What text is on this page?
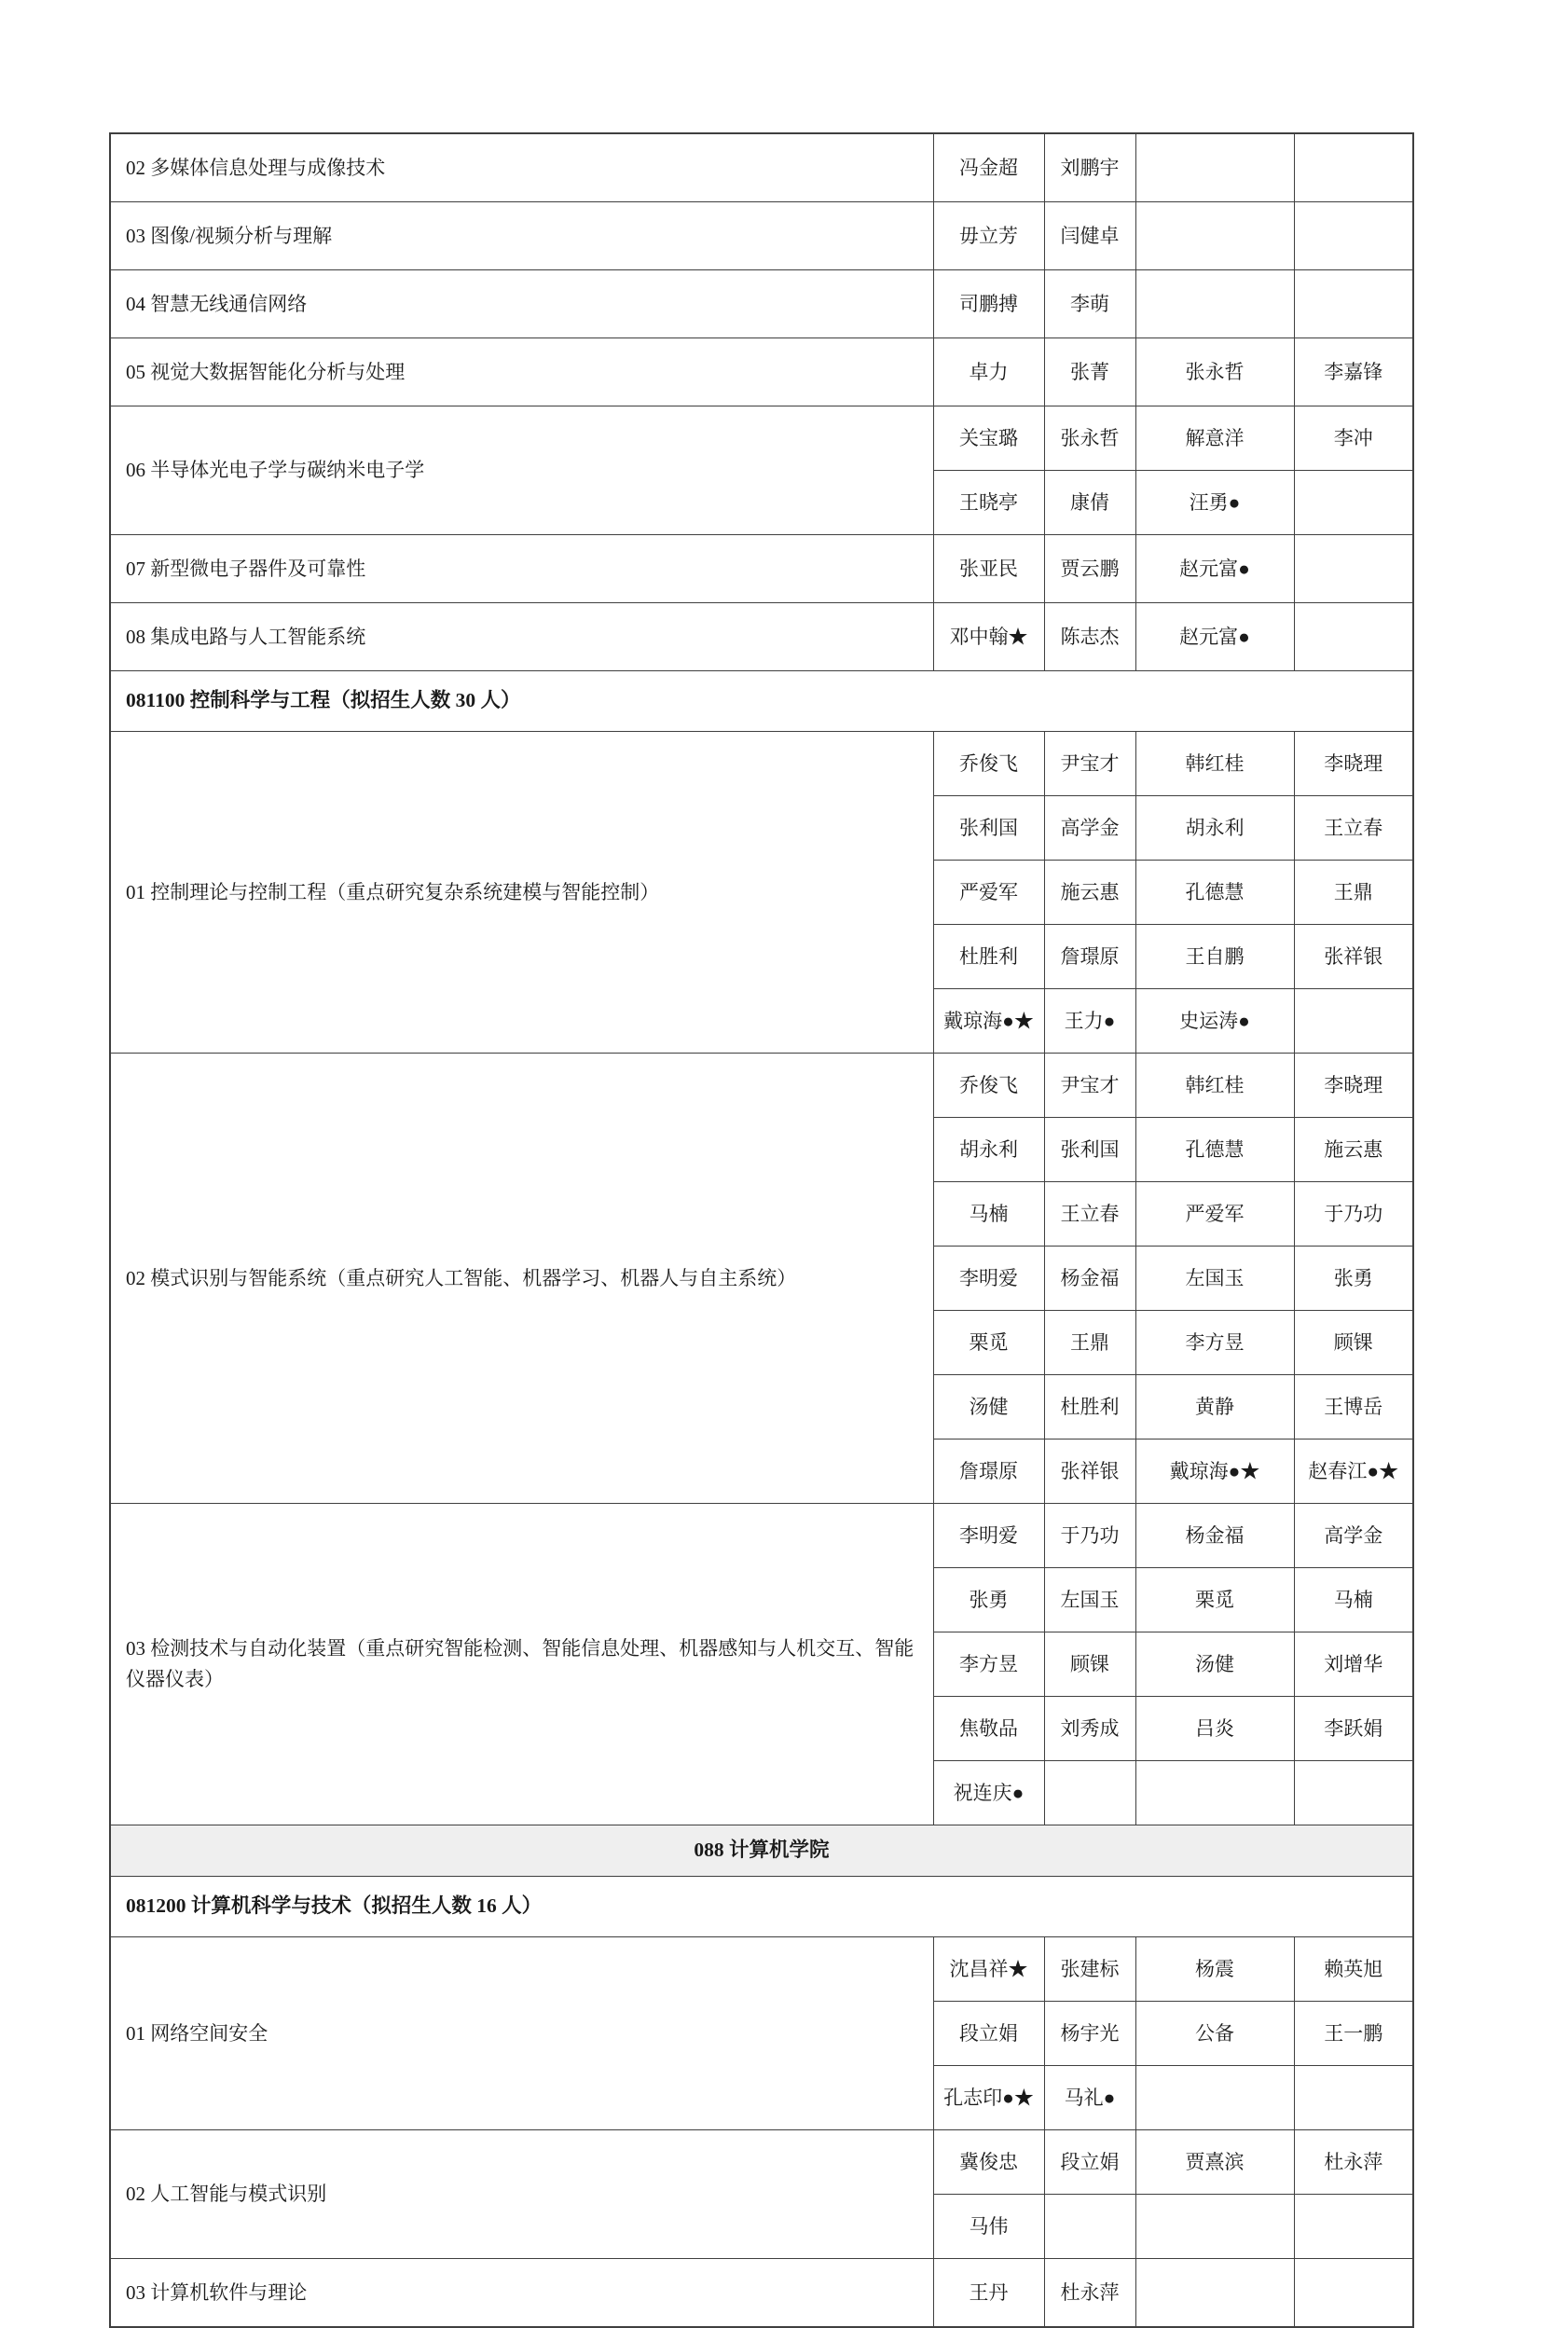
02 多媒体信息处理与成像技术	冯金超	刘鹏宇		
03 图像/视频分析与理解	毋立芳	闫健卓		
04 智慧无线通信网络	司鹏搏	李萌		
05 视觉大数据智能化分析与处理	卓力	张菁	张永哲	李嘉锋
06 半导体光电子学与碳纳米电子学	关宝璐	张永哲	解意洋	李冲
	王晓亭	康倩	汪勇●	
07 新型微电子器件及可靠性	张亚民	贾云鹏	赵元富●	
08 集成电路与人工智能系统	邓中翰★	陈志杰	赵元富●	
081100 控制科学与工程（拟招生人数 30 人）				
01 控制理论与控制工程（重点研究复杂系统建模与智能控制）	乔俊飞	尹宝才	韩红桂	李晓理
	张利国	高学金	胡永利	王立春
	严爱军	施云惠	孔德慧	王鼎
	杜胜利	詹璟原	王自鹏	张祥银
	戴琼海●★	王力●	史运涛●	
02 模式识别与智能系统（重点研究人工智能、机器学习、机器人与自主系统）	乔俊飞	尹宝才	韩红桂	李晓理
	胡永利	张利国	孔德慧	施云惠
	马楠	王立春	严爱军	于乃功
	李明爱	杨金福	左国玉	张勇
	栗觅	王鼎	李方昱	顾锞
	汤健	杜胜利	黄静	王博岳
	詹璟原	张祥银	戴琼海●★	赵春江●★
03 检测技术与自动化装置（重点研究智能检测、智能信息处理、机器感知与人机交互、智能仪器仪表）	李明爱	于乃功	杨金福	高学金
	张勇	左国玉	栗觅	马楠
	李方昱	顾锞	汤健	刘增华
	焦敬品	刘秀成	吕炎	李跃娟
	祝连庆●			
088 计算机学院				
081200 计算机科学与技术（拟招生人数 16 人）				
01 网络空间安全	沈昌祥★	张建标	杨震	赖英旭
	段立娟	杨宇光	公备	王一鹏
	孔志印●★	马礼●		
02 人工智能与模式识别	冀俊忠	段立娟	贾熹滨	杜永萍
	马伟			
03 计算机软件与理论	王丹	杜永萍		
